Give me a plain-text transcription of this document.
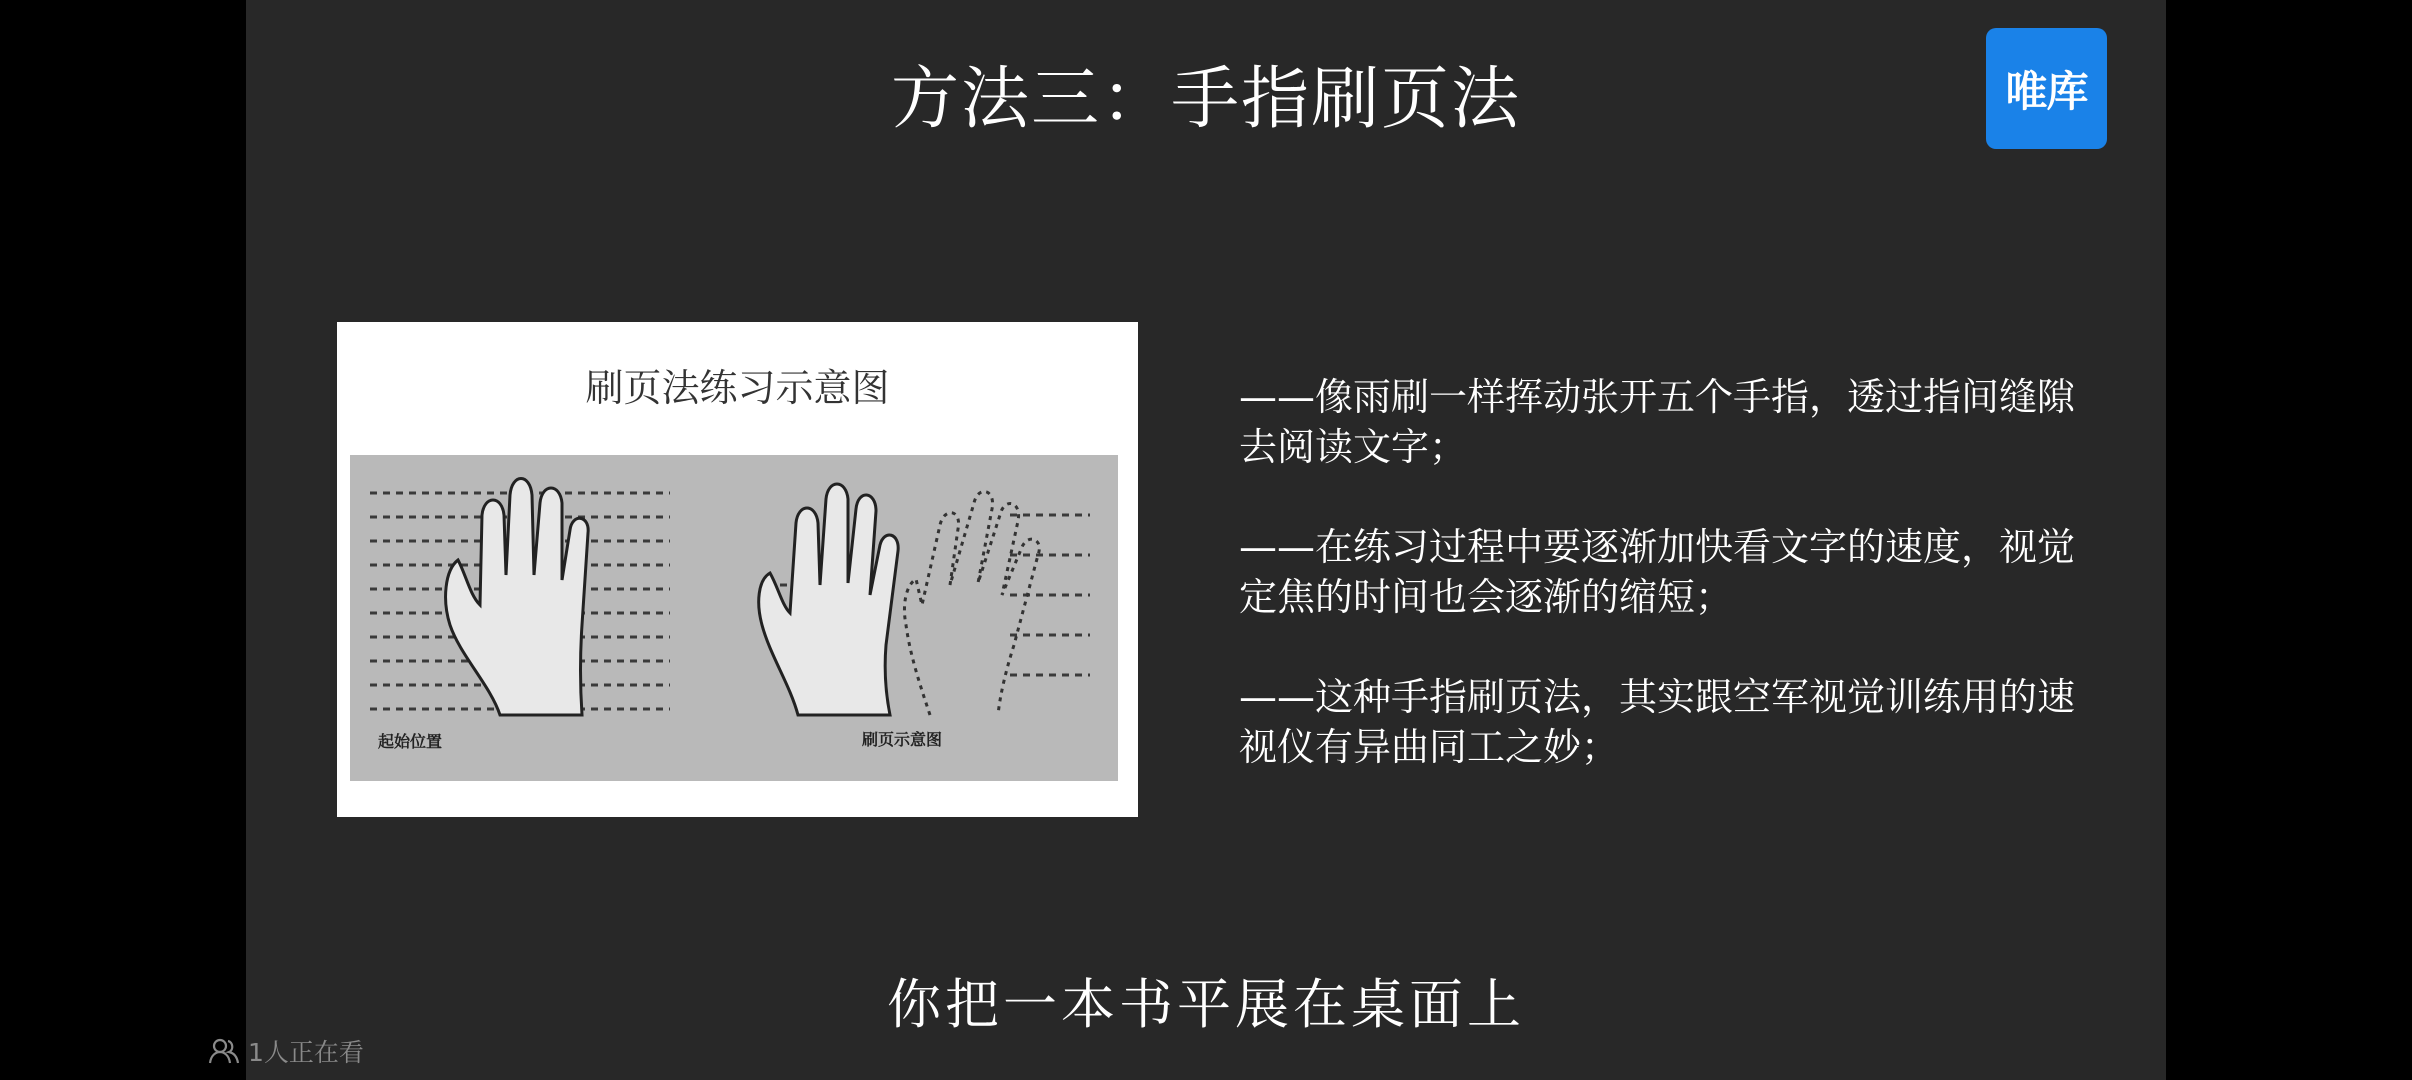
方法三：手指刷页法	唯库
刷页法练习示意图
起始位置	刷页示意图
——像雨刷一样挥动张开五个手指，透过指间缝隙去阅读文字；
——在练习过程中要逐渐加快看文字的速度，视觉定焦的时间也会逐渐的缩短；
——这种手指刷页法，其实跟空军视觉训练用的速视仪有异曲同工之妙；
你把一本书平展在桌面上
1人正在看
